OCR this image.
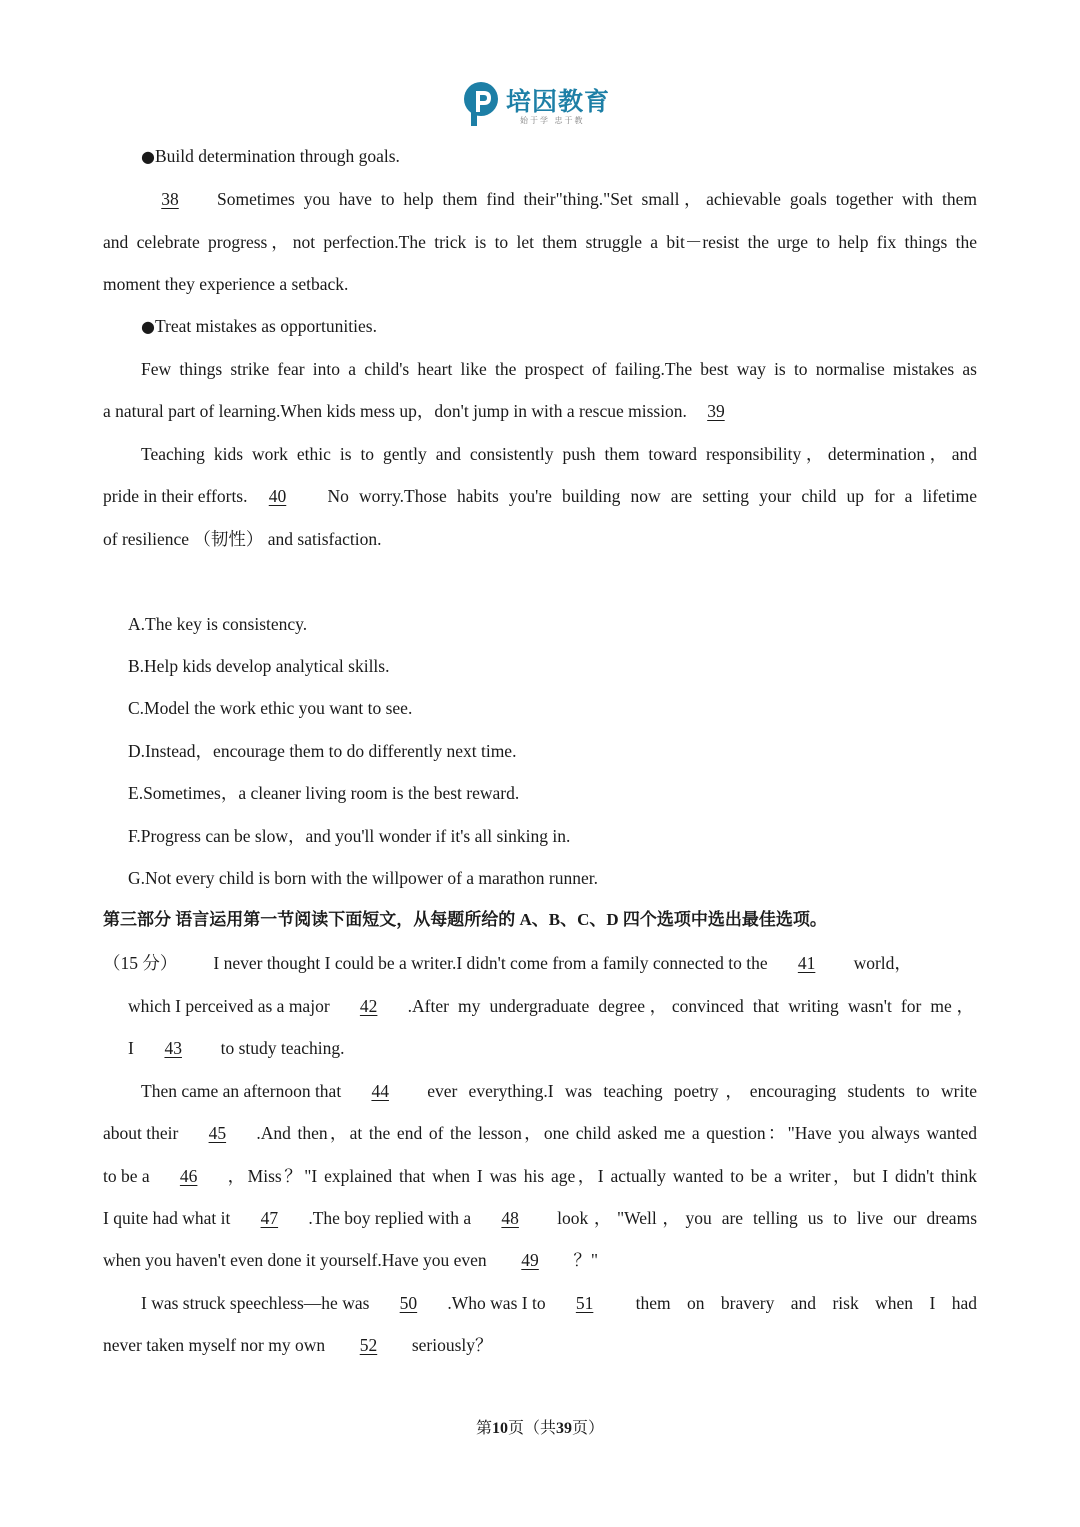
培因教育
始于学 忠于教
●Build determination through goals.
38	Sometimes you have to help them find their"thing."Set small，achievable goals together with them
and celebrate progress，not perfection.The trick is to let them struggle a bit－resist the urge to help fix things the
moment they experience a setback.
●Treat mistakes as opportunities.
Few things strike fear into a child's heart like the prospect of failing.The best way is to normalise mistakes as
a natural part of learning.When kids mess up，don't jump in with a rescue mission. 39
Teaching kids work ethic is to gently and consistently push them toward responsibility，determination，and
pride in their efforts.	40	No worry.Those habits you're building now are setting your child up for a lifetime
of resilience （韧性） and satisfaction.
A.The key is consistency.
B.Help kids develop analytical skills.
C.Model the work ethic you want to see.
D.Instead，encourage them to do differently next time.
E.Sometimes，a cleaner living room is the best reward.
F.Progress can be slow，and you'll wonder if it's all sinking in.
G.Not every child is born with the willpower of a marathon runner.
第三部分 语言运用第一节阅读下面短文，从每题所给的 A、B、C、D 四个选项中选出最佳选项。
（15 分） I never thought I could be a writer.I didn't come from a family connected to the	41	world，
which I perceived as a major	42	.After my undergraduate degree，convinced that writing wasn't for me，
I 43 to study teaching.
Then came an afternoon that	44	ever everything.I was teaching poetry，encouraging students to write
about their	45	.And then，at the end of the lesson，one child asked me a question："Have you always wanted
to be a	46	，Miss？"I explained that when I was his age，I actually wanted to be a writer，but I didn't think
I quite had what it	47	.The boy replied with a	48	look，"Well，you are telling us to live our dreams
when you haven't even done it yourself.Have you even 49 ？"
I was struck speechless—he was	50	.Who was I to	51	them on bravery and risk when I had
never taken myself nor my own 52 seriously？
第10页（共39页）
